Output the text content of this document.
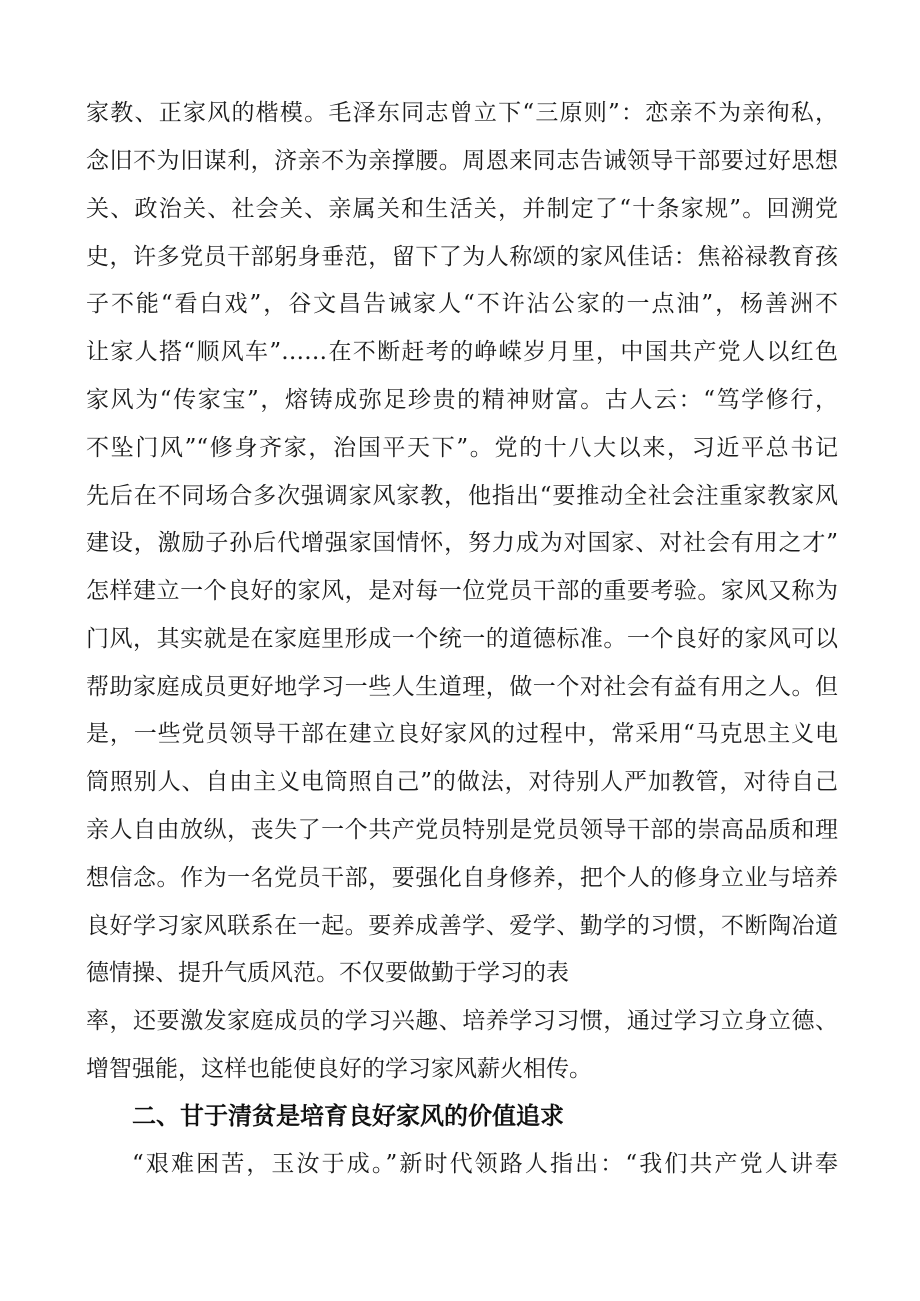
家教、正家风的楷模。毛泽东同志曾立下“三原则”：恋亲不为亲徇私，
念旧不为旧谋利，济亲不为亲撑腰。周恩来同志告诫领导干部要过好思想
关、政治关、社会关、亲属关和生活关，并制定了“十条家规”。回溯党
史，许多党员干部躬身垂范，留下了为人称颂的家风佳话：焦裕禄教育孩
子不能“看白戏”，谷文昌告诫家人“不许沾公家的一点油”，杨善洲不
让家人搭“顺风车”……在不断赶考的峥嵘岁月里，中国共产党人以红色
家风为“传家宝”，熔铸成弥足珍贵的精神财富。古人云：“笃学修行，
不坠门风”“修身齐家，治国平天下”。党的十八大以来，习近平总书记
先后在不同场合多次强调家风家教，他指出“要推动全社会注重家教家风
建设，激励子孙后代增强家国情怀，努力成为对国家、对社会有用之才”
怎样建立一个良好的家风，是对每一位党员干部的重要考验。家风又称为
门风，其实就是在家庭里形成一个统一的道德标准。一个良好的家风可以
帮助家庭成员更好地学习一些人生道理，做一个对社会有益有用之人。但
是，一些党员领导干部在建立良好家风的过程中，常采用“马克思主义电
筒照别人、自由主义电筒照自己”的做法，对待别人严加教管，对待自己
亲人自由放纵，丧失了一个共产党员特别是党员领导干部的崇高品质和理
想信念。作为一名党员干部，要强化自身修养，把个人的修身立业与培养
良好学习家风联系在一起。要养成善学、爱学、勤学的习惯，不断陶冶道
德情操、提升气质风范。不仅要做勤于学习的表
率，还要激发家庭成员的学习兴趣、培养学习习惯，通过学习立身立德、
增智强能，这样也能使良好的学习家风薪火相传。
二、甘于清贫是培育良好家风的价值追求
“艰难困苦，玉汝于成。”新时代领路人指出：“我们共产党人讲奉
